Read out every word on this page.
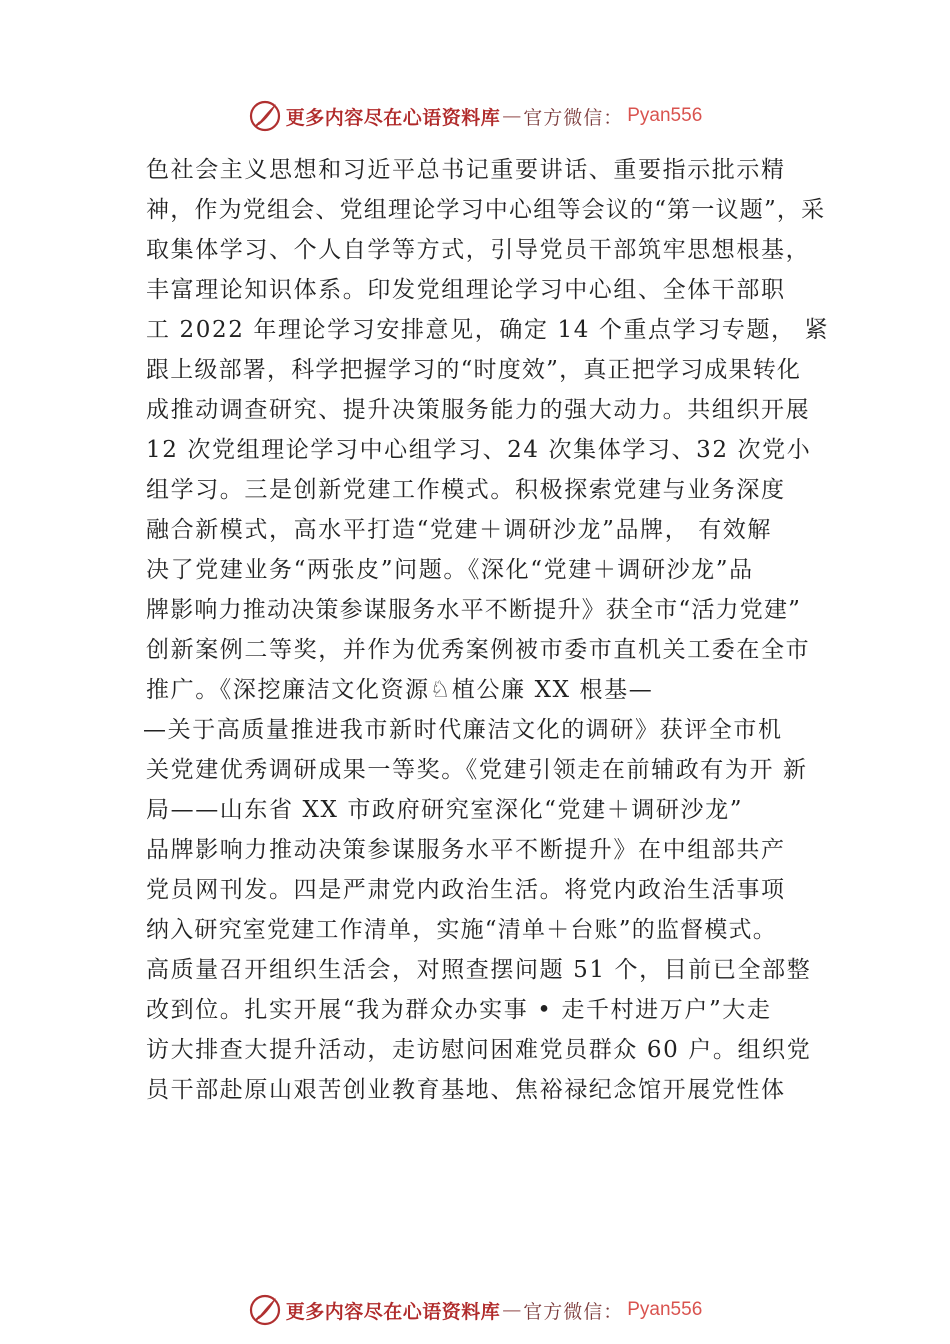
更多内容尽在心语资料库 — 官方微信： Pyan556
色社会主义思想和习近平总书记重要讲话、重要指示批示精
神，作为党组会、党组理论学习中心组等会议的“第一议题”，采
取集体学习、个人自学等方式，引导党员干部筑牢思想根基，
丰富理论知识体系。印发党组理论学习中心组、全体干部职
工 2022 年理论学习安排意见，确定 14 个重点学习专题， 紧
跟上级部署，科学把握学习的“时度效”，真正把学习成果转化
成推动调查研究、提升决策服务能力的强大动力。共组织开展
12 次党组理论学习中心组学习、24 次集体学习、32 次党小
组学习。三是创新党建工作模式。积极探索党建与业务深度
融合新模式，高水平打造“党建＋调研沙龙”品牌， 有效解
决了党建业务“两张皮”问题。《深化“党建＋调研沙龙”品
牌影响力推动决策参谋服务水平不断提升》获全市“活力党建”
创新案例二等奖，并作为优秀案例被市委市直机关工委在全市
推广。《深挖廉洁文化资源♘植公廉 XX 根基—
—关于高质量推进我市新时代廉洁文化的调研》获评全市机
关党建优秀调研成果一等奖。《党建引领走在前辅政有为开 新
局——山东省 XX 市政府研究室深化“党建＋调研沙龙”
品牌影响力推动决策参谋服务水平不断提升》在中组部共产
党员网刊发。四是严肃党内政治生活。将党内政治生活事项
纳入研究室党建工作清单，实施“清单＋台账”的监督模式。
高质量召开组织生活会，对照查摆问题 51 个，目前已全部整
改到位。扎实开展“我为群众办实事 • 走千村进万户”大走
访大排查大提升活动，走访慰问困难党员群众 60 户。组织党
员干部赴原山艰苦创业教育基地、焦裕禄纪念馆开展党性体
更多内容尽在心语资料库 — 官方微信： Pyan556
